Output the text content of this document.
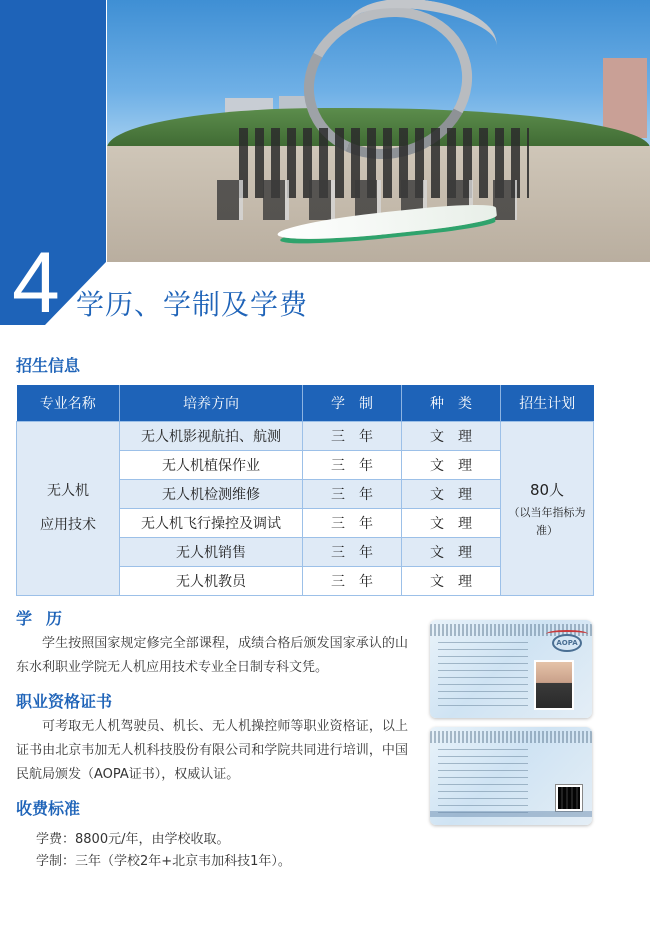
4 学历、学制及学费
招生信息
专业名称	培养方向	学　制	种　类	招生计划

无人机
应用技术	无人机影视航拍、航测	三　年	文　理	80人
（以当年指标为准）

	无人机植保作业	三　年	文　理	
	无人机检测维修	三　年	文　理	
	无人机飞行操控及调试	三　年	文　理	
	无人机销售	三　年	文　理	
	无人机教员	三　年	文　理	
学历

学生按照国家规定修完全部课程，成绩合格后颁发国家承认的山东水利职业学院无人机应用技术专业全日制专科文凭。

职业资格证书

可考取无人机驾驶员、机长、无人机操控师等职业资格证，以上证书由北京韦加无人机科技股份有限公司和学院共同进行培训，中国民航局颁发（AOPA证书），权威认证。

收费标准
学费：8800元/年，由学校收取。
学制：三年（学校2年+北京韦加科技1年）。
AOPA
